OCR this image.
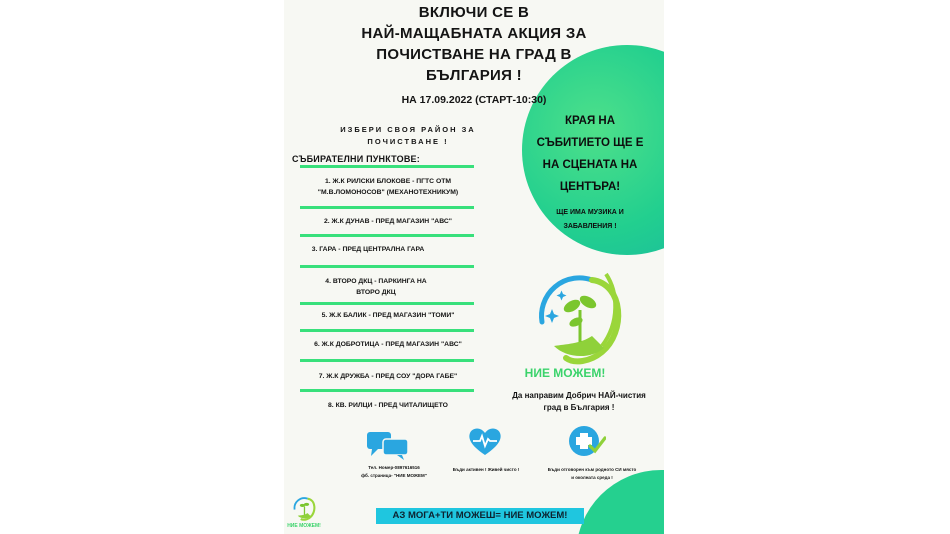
ВКЛЮЧИ СЕ В
НАЙ-МАЩАБНАТА АКЦИЯ ЗА
ПОЧИСТВАНЕ НА ГРАД В
БЪЛГАРИЯ !
НА 17.09.2022 (СТАРТ-10:30)
ИЗБЕРИ СВОЯ РАЙОН ЗА
ПОЧИСТВАНЕ !
СЪБИРАТЕЛНИ ПУНКТОВЕ:
1. Ж.К РИЛСКИ БЛОКОВЕ - ПГТС ОТМ
"М.В.ЛОМОНОСОВ" (МЕХАНОТЕХНИКУМ)
2. Ж.К ДУНАВ - ПРЕД МАГАЗИН "АВС"
3. ГАРА - ПРЕД ЦЕНТРАЛНА ГАРА
4. ВТОРО ДКЦ - ПАРКИНГА НА
ВТОРО ДКЦ
5. Ж.К БАЛИК - ПРЕД МАГАЗИН "ТОМИ"
6. Ж.К ДОБРОТИЦА - ПРЕД МАГАЗИН "АВС"
7. Ж.К ДРУЖБА - ПРЕД СОУ "ДОРА ГАБЕ"
8. КВ. РИЛЦИ - ПРЕД ЧИТАЛИЩЕТО
КРАЯ НА
СЪБИТИЕТО ЩЕ Е
НА СЦЕНАТА НА
ЦЕНТЪРА!
ЩЕ ИМА МУЗИКА И
ЗАБАВЛЕНИЯ !
НИЕ МОЖЕМ!
Да направим Добрич НАЙ-чистия
град в България !
Тел. Номер-0897616516
фб. страница- "НИЕ МОЖЕМ"
Бъди активен ! Живей чисто !	Бъди отговорен към родното СИ място
и околната среда !
НИЕ МОЖЕМ!
АЗ МОГА+ТИ МОЖЕШ= НИЕ МОЖЕМ!
